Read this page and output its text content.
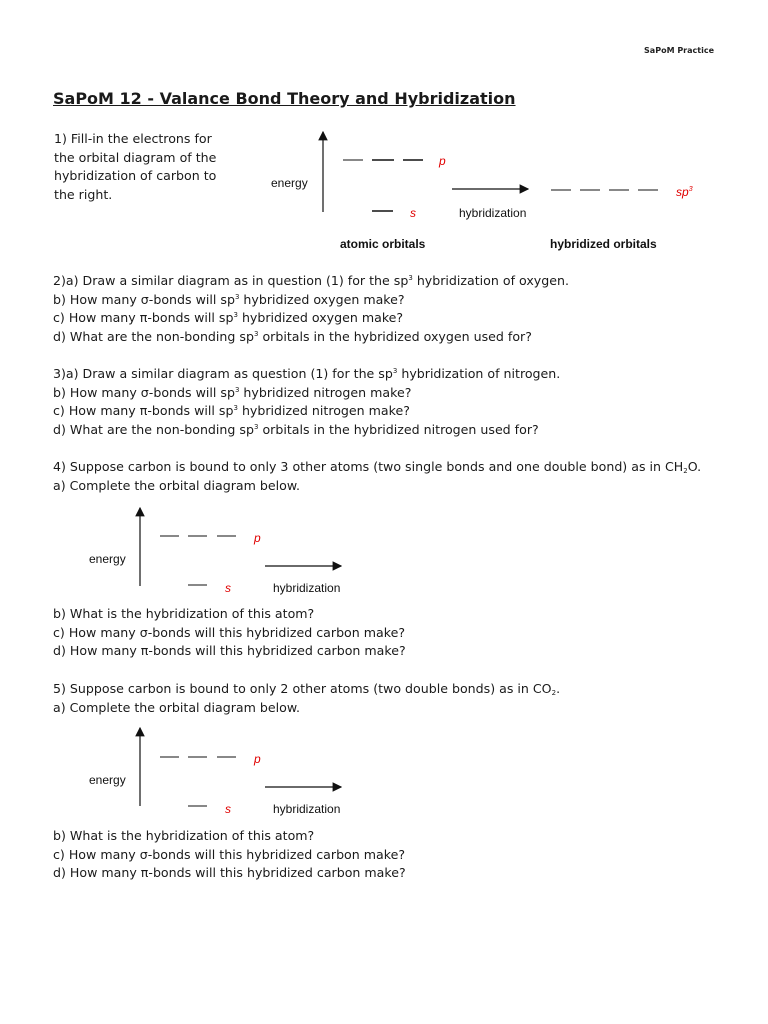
SaPoM Practice
SaPoM 12 - Valance Bond Theory and Hybridization
1) Fill-in the electrons for the orbital diagram of the hybridization of carbon to the right.
energy
p
s	hybridization
$sp^3$
atomic orbitals	hybridized orbitals
2)a) Draw a similar diagram as in question (1) for the $sp^3$ hybridization of oxygen.
b) How many σ-bonds will $sp^3$ hybridized oxygen make?
c) How many π-bonds will $sp^3$ hybridized oxygen make?
d) What are the non-bonding $sp^3$ orbitals in the hybridized oxygen used for?
3)a) Draw a similar diagram as question (1) for the $sp^3$ hybridization of nitrogen.
b) How many σ-bonds will $sp^3$ hybridized nitrogen make?
c) How many π-bonds will $sp^3$ hybridized nitrogen make?
d) What are the non-bonding $sp^3$ orbitals in the hybridized nitrogen used for?
4) Suppose carbon is bound to only 3 other atoms (two single bonds and one double bond) as in $CH_2O$.
a) Complete the orbital diagram below.
energy
p
s	hybridization
b) What is the hybridization of this atom?
c) How many σ-bonds will this hybridized carbon make?
d) How many π-bonds will this hybridized carbon make?
5) Suppose carbon is bound to only 2 other atoms (two double bonds) as in $CO_2$.
a) Complete the orbital diagram below.
energy
p
s	hybridization
b) What is the hybridization of this atom?
c) How many σ-bonds will this hybridized carbon make?
d) How many π-bonds will this hybridized carbon make?
